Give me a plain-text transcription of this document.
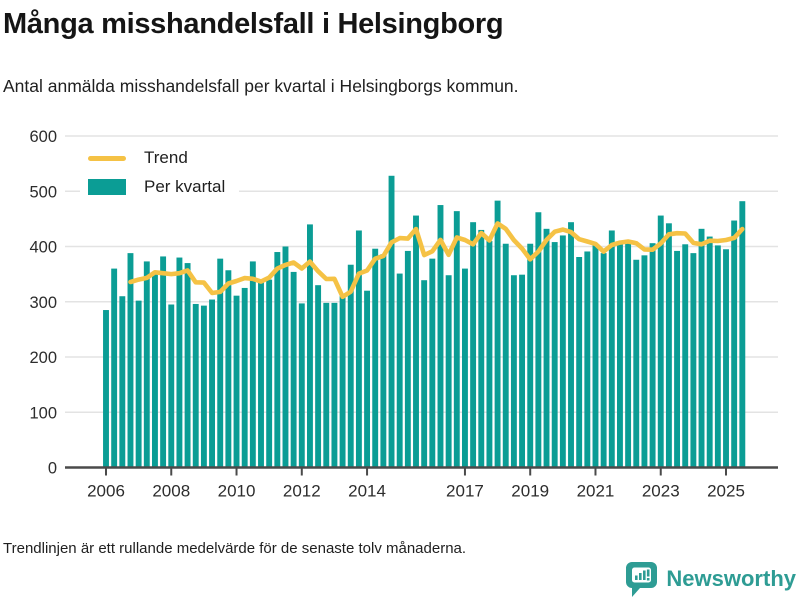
2006 2008 2010 2012 2014	2017 2019 2021 2023 2025
0
100
200
300
400
500
600
Många misshandelsfall i Helsingborg
Antal anmälda misshandelsfall per kvartal i Helsingborgs kommun.
Trend
Per kvartal
Trendlinjen är ett rullande medelvärde för de senaste tolv månaderna.
Newsworthy
